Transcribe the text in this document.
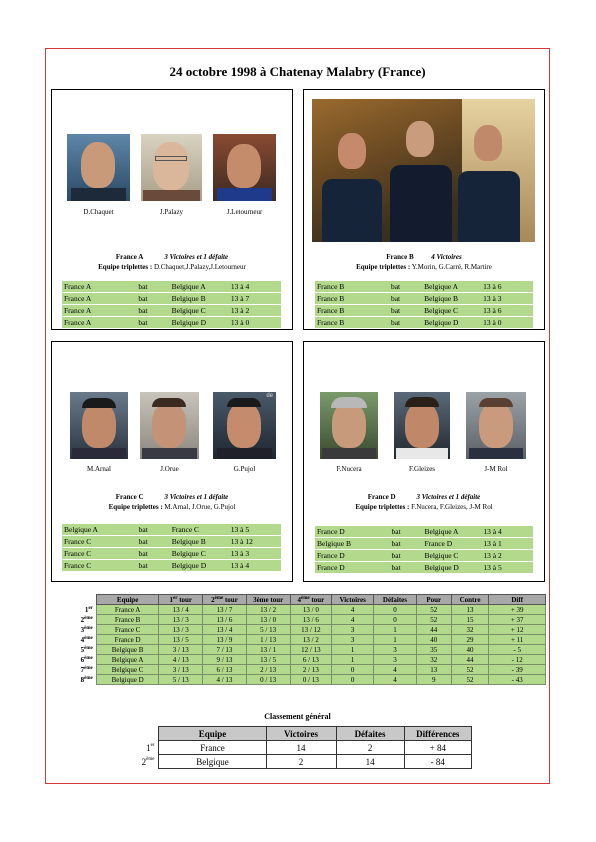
24 octobre 1998 à Chatenay Malabry (France)
D.Chaquet	J.Palazy	J.Letourneur
France A	3 Victoires et 1 défaite
Equipe triplettes : D.Chaquet,J.Palazy,J.Letourneur
France A	bat	Belgique A	13 à 4
France A	bat	Belgique B	13 à 7
France A	bat	Belgique C	13 à 2
France A	bat	Belgique D	13 à 0
France B	4 Victoires
Equipe triplettes : Y.Morin, G.Carré, R.Martire
France B	bat	Belgique A	13 à 6
France B	bat	Belgique B	13 à 3
France B	bat	Belgique C	13 à 6
France B	bat	Belgique D	13 à 0
de
M.Arnal	J.Orue	G.Pujol
France C	3 Victoires et 1 défaite
Equipe triplettes : M.Arnal, J.Orue, G.Pujol
Belgique A	bat	France C	13 à 5
France C	bat	Belgique B	13 à 12
France C	bat	Belgique C	13 à 3
France C	bat	Belgique D	13 à 4
F.Nucera	F.Gleizes	J-M Rol
France D	3 Victoires et 1 défaite
Equipe triplettes : F.Nucera, F.Gleizes, J-M Rol
France D	bat	Belgique A	13 à 4
Belgique B	bat	France D	13 à 1
France D	bat	Belgique C	13 à 2
France D	bat	Belgique D	13 à 5
	Equipe	1er tour	2ème tour	3ème tour	4ème tour	Victoires	Défaites	Pour	Contre	Diff
1er	France A	13 / 4	13 / 7	13 / 2	13 / 0	4	0	52	13	+ 39
2ème	France B	13 / 3	13 / 6	13 / 0	13 / 6	4	0	52	15	+ 37
3ème	France C	13 / 3	13 / 4	5 / 13	13 / 12	3	1	44	32	+ 12
4ème	France D	13 / 5	13 / 9	1 / 13	13 / 2	3	1	40	29	+ 11
5ème	Belgique B	3 / 13	7 / 13	13 / 1	12 / 13	1	3	35	40	- 5
6ème	Belgique A	4 / 13	9 / 13	13 / 5	6 / 13	1	3	32	44	- 12
7ème	Belgique C	3 / 13	6 / 13	2 / 13	2 / 13	0	4	13	52	- 39
8ème	Belgique D	5 / 13	4 / 13	0 / 13	0 / 13	0	4	9	52	- 43
Classement général
	Equipe	Victoires	Défaites	Différences
1er	France	14	2	+ 84
2ème	Belgique	2	14	- 84
